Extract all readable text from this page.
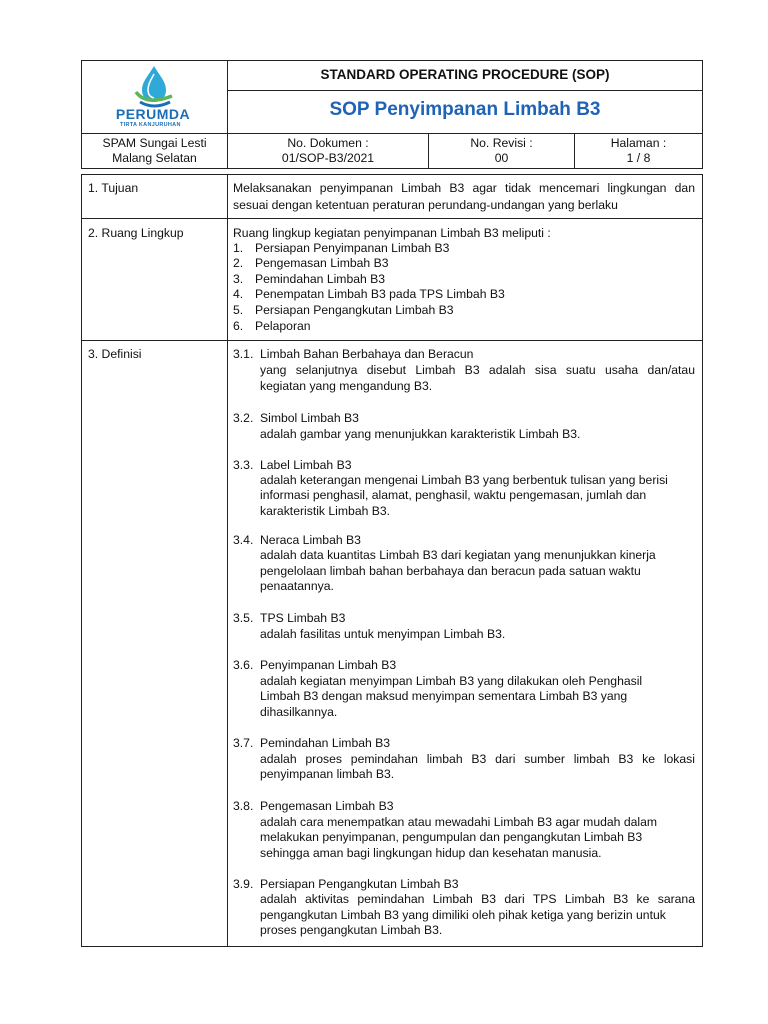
PERUMDA
TIRTA KANJURUHAN
STANDARD OPERATING PROCEDURE (SOP)
SOP Penyimpanan Limbah B3
SPAM Sungai Lesti
Malang Selatan
No. Dokumen :
01/SOP-B3/2021
No. Revisi :
00
Halaman :
1 / 8
1. Tujuan	Melaksanakan penyimpanan Limbah B3 agar tidak mencemari lingkungan dan
sesuai dengan ketentuan peraturan perundang-undangan yang berlaku
2. Ruang Lingkup	Ruang lingkup kegiatan penyimpanan Limbah B3 meliputi :
1. Persiapan Penyimpanan Limbah B3
2. Pengemasan Limbah B3
3. Pemindahan Limbah B3
4. Penempatan Limbah B3 pada TPS Limbah B3
5. Persiapan Pengangkutan Limbah B3
6. Pelaporan
3. Definisi	3.1. Limbah Bahan Berbahaya dan Beracun
yang selanjutnya disebut Limbah B3 adalah sisa suatu usaha dan/atau
kegiatan yang mengandung B3.
3.2. Simbol Limbah B3
adalah gambar yang menunjukkan karakteristik Limbah B3.
3.3. Label Limbah B3
adalah keterangan mengenai Limbah B3 yang berbentuk tulisan yang berisi
informasi penghasil, alamat, penghasil, waktu pengemasan, jumlah dan
karakteristik Limbah B3.
3.4. Neraca Limbah B3
adalah data kuantitas Limbah B3 dari kegiatan yang menunjukkan kinerja
pengelolaan limbah bahan berbahaya dan beracun pada satuan waktu
penaatannya.
3.5. TPS Limbah B3
adalah fasilitas untuk menyimpan Limbah B3.
3.6. Penyimpanan Limbah B3
adalah kegiatan menyimpan Limbah B3 yang dilakukan oleh Penghasil
Limbah B3 dengan maksud menyimpan sementara Limbah B3 yang
dihasilkannya.
3.7. Pemindahan Limbah B3
adalah proses pemindahan limbah B3 dari sumber limbah B3 ke lokasi
penyimpanan limbah B3.
3.8. Pengemasan Limbah B3
adalah cara menempatkan atau mewadahi Limbah B3 agar mudah dalam
melakukan penyimpanan, pengumpulan dan pengangkutan Limbah B3
sehingga aman bagi lingkungan hidup dan kesehatan manusia.
3.9. Persiapan Pengangkutan Limbah B3
adalah aktivitas pemindahan Limbah B3 dari TPS Limbah B3 ke sarana
pengangkutan Limbah B3 yang dimiliki oleh pihak ketiga yang berizin untuk
proses pengangkutan Limbah B3.
